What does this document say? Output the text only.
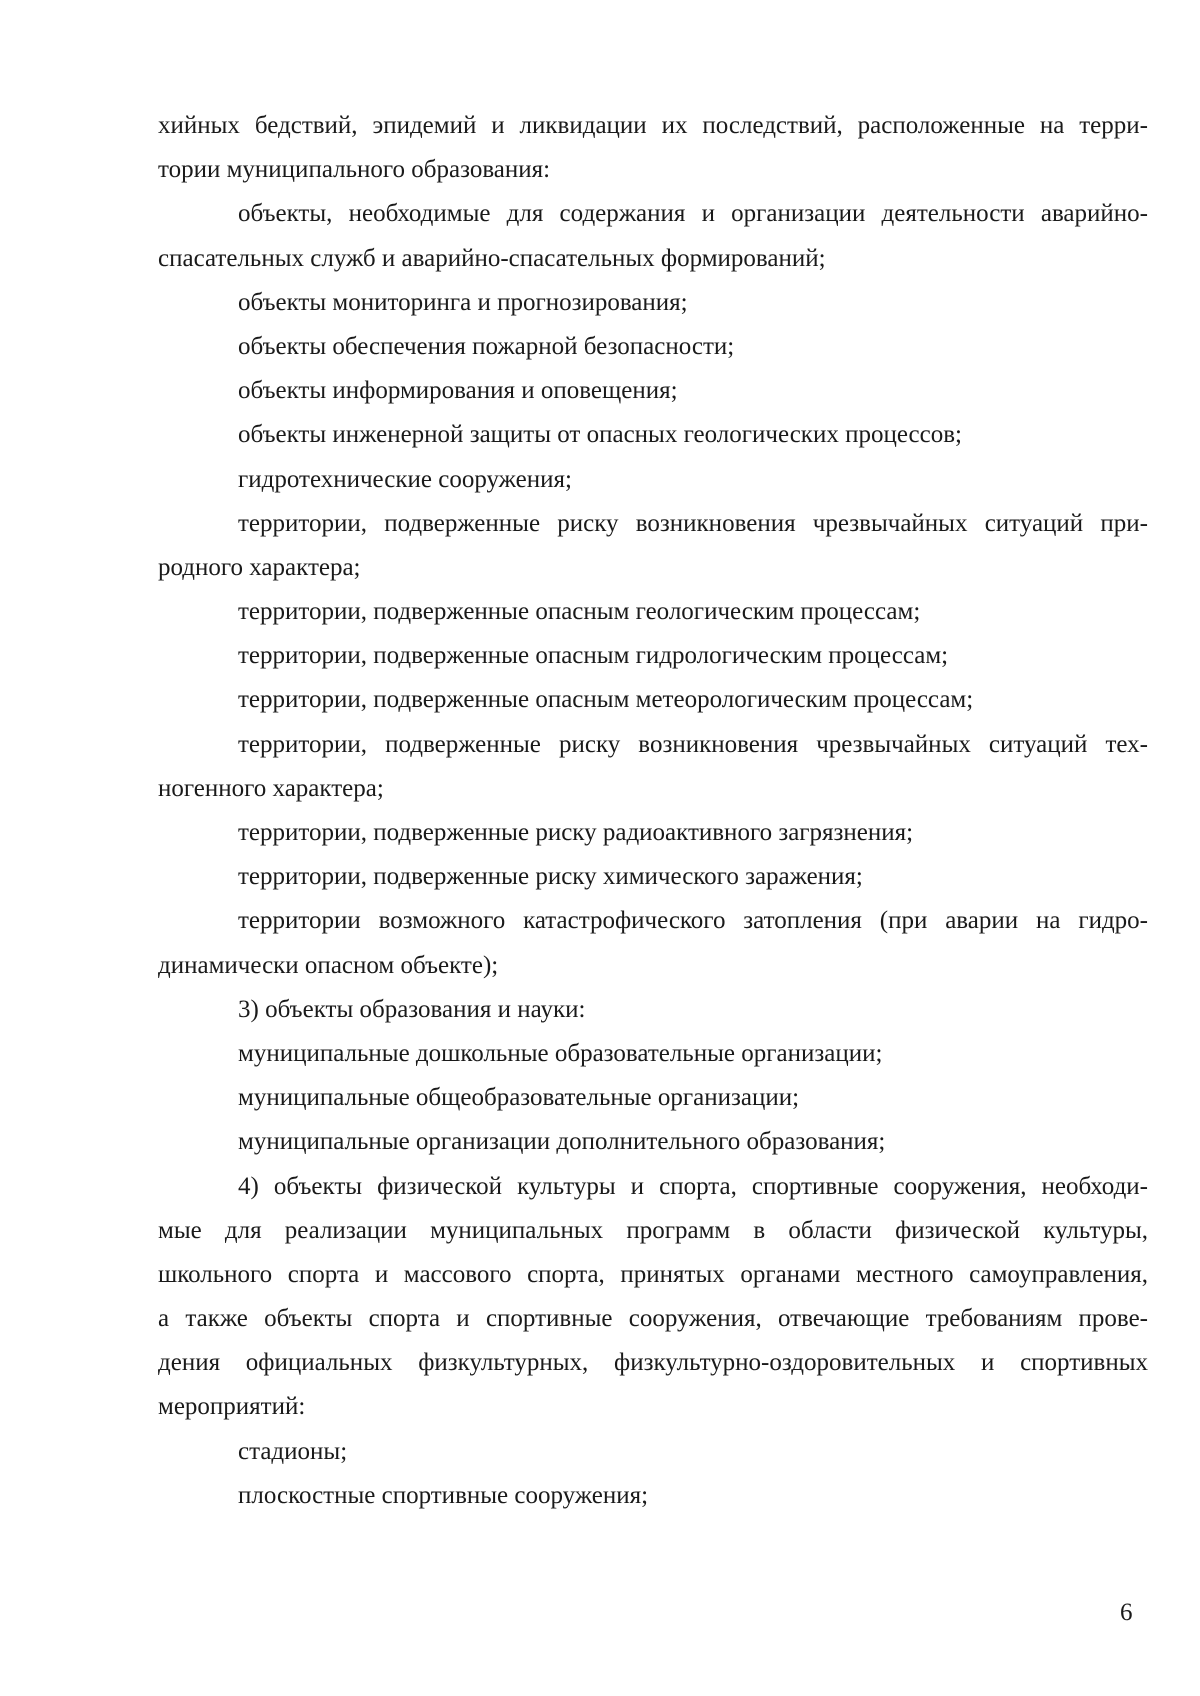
хийных бедствий, эпидемий и ликвидации их последствий, расположенные на терри-
тории муниципального образования:
объекты, необходимые для содержания и организации деятельности аварийно-
спасательных служб и аварийно-спасательных формирований;
объекты мониторинга и прогнозирования;
объекты обеспечения пожарной безопасности;
объекты информирования и оповещения;
объекты инженерной защиты от опасных геологических процессов;
гидротехнические сооружения;
территории, подверженные риску возникновения чрезвычайных ситуаций при-
родного характера;
территории, подверженные опасным геологическим процессам;
территории, подверженные опасным гидрологическим процессам;
территории, подверженные опасным метеорологическим процессам;
территории, подверженные риску возникновения чрезвычайных ситуаций тех-
ногенного характера;
территории, подверженные риску радиоактивного загрязнения;
территории, подверженные риску химического заражения;
территории возможного катастрофического затопления (при аварии на гидро-
динамически опасном объекте);
3) объекты образования и науки:
муниципальные дошкольные образовательные организации;
муниципальные общеобразовательные организации;
муниципальные организации дополнительного образования;
4) объекты физической культуры и спорта, спортивные сооружения, необходи-
мые для реализации муниципальных программ в области физической культуры,
школьного спорта и массового спорта, принятых органами местного самоуправления,
а также объекты спорта и спортивные сооружения, отвечающие требованиям прове-
дения официальных физкультурных, физкультурно-оздоровительных и спортивных
мероприятий:
стадионы;
плоскостные спортивные сооружения;
6
